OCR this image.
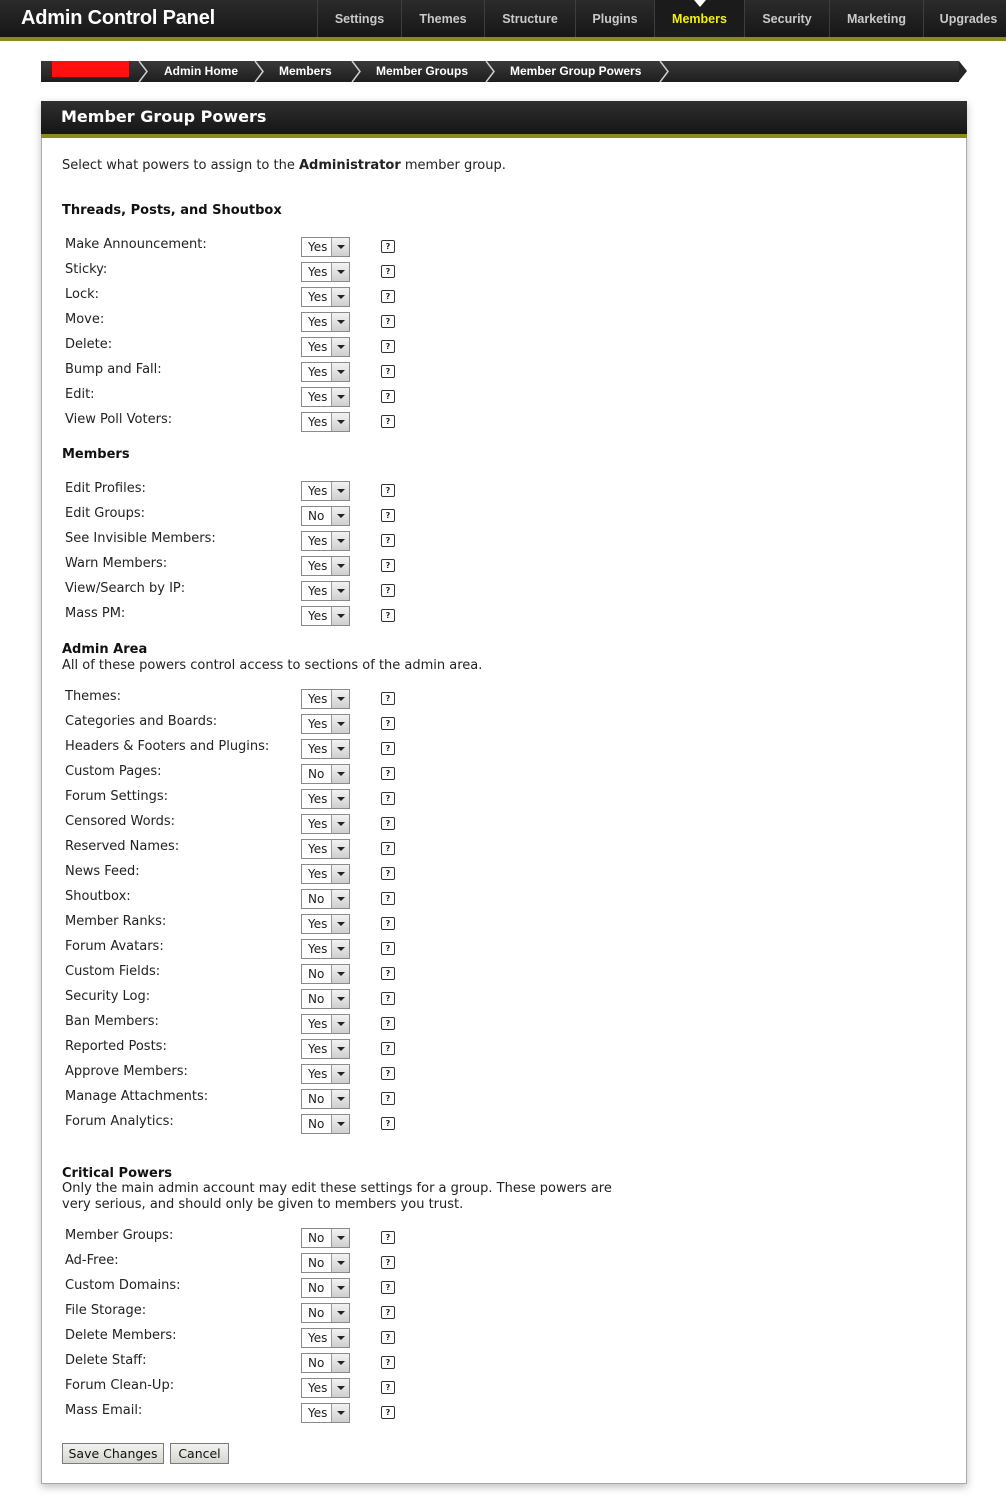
Admin Control Panel	Settings	Themes	Structure	Plugins	Members	Security	Marketing	Upgrades
Admin Home	Members	Member Groups	Member Group Powers
Member Group Powers
Select what powers to assign to the Administrator member group.
Threads, Posts, and Shoutbox
Make Announcement:	Yes	?
Sticky:	Yes	?
Lock:	Yes	?
Move:	Yes	?
Delete:	Yes	?
Bump and Fall:	Yes	?
Edit:	Yes	?
View Poll Voters:	Yes	?
Members
Edit Profiles:	Yes	?
Edit Groups:	No	?
See Invisible Members:	Yes	?
Warn Members:	Yes	?
View/Search by IP:	Yes	?
Mass PM:	Yes	?
Admin Area
All of these powers control access to sections of the admin area.
Themes:	Yes	?
Categories and Boards:	Yes	?
Headers & Footers and Plugins:	Yes	?
Custom Pages:	No	?
Forum Settings:	Yes	?
Censored Words:	Yes	?
Reserved Names:	Yes	?
News Feed:	Yes	?
Shoutbox:	No	?
Member Ranks:	Yes	?
Forum Avatars:	Yes	?
Custom Fields:	No	?
Security Log:	No	?
Ban Members:	Yes	?
Reported Posts:	Yes	?
Approve Members:	Yes	?
Manage Attachments:	No	?
Forum Analytics:	No	?
Critical Powers
Only the main admin account may edit these settings for a group. These powers are
very serious, and should only be given to members you trust.
Member Groups:	No	?
Ad-Free:	No	?
Custom Domains:	No	?
File Storage:	No	?
Delete Members:	Yes	?
Delete Staff:	No	?
Forum Clean-Up:	Yes	?
Mass Email:	Yes	?
Save Changes	Cancel
